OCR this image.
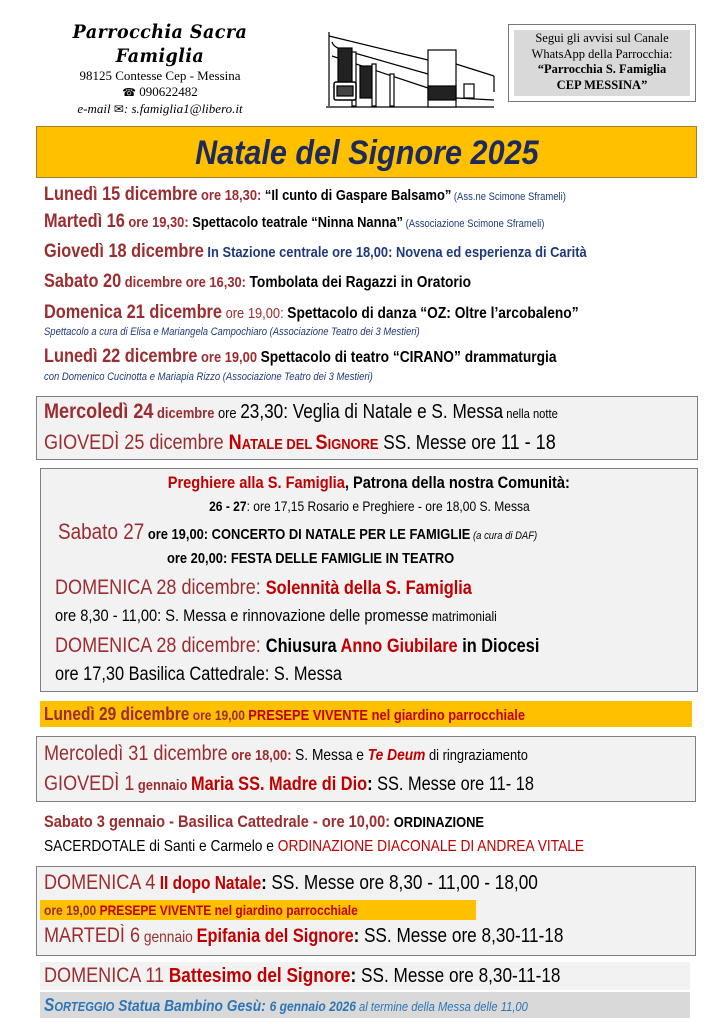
Parrocchia Sacra Famiglia
98125 Contesse Cep - Messina
☎ 090622482
e-mail ✉: s.famiglia1@libero.it
Segui gli avvisi sul Canale
WhatsApp della Parrocchia:
“Parrocchia S. Famiglia
CEP MESSINA”
Natale del Signore 2025
Lunedì 15 dicembre ore 18,30: “Il cunto di Gaspare Balsamo” (Ass.ne Scimone Sframeli)
Martedì 16 ore 19,30: Spettacolo teatrale “Ninna Nanna” (Associazione Scimone Sframeli)
Giovedì 18 dicembre In Stazione centrale ore 18,00: Novena ed esperienza di Carità
Sabato 20 dicembre ore 16,30: Tombolata dei Ragazzi in Oratorio
Domenica 21 dicembre ore 19,00: Spettacolo di danza “OZ: Oltre l’arcobaleno”
Spettacolo a cura di Elisa e Mariangela Campochiaro (Associazione Teatro dei 3 Mestieri)
Lunedì 22 dicembre ore 19,00 Spettacolo di teatro “CIRANO” drammaturgia
con Domenico Cucinotta e Mariapia Rizzo (Associazione Teatro dei 3 Mestieri)
Mercoledì 24 dicembre ore 23,30: Veglia di Natale e S. Messa nella notte
GIOVEDÌ 25 dicembre NATALE DEL SIGNORE SS. Messe ore 11 - 18
Preghiere alla S. Famiglia, Patrona della nostra Comunità:
26 - 27: ore 17,15 Rosario e Preghiere - ore 18,00 S. Messa
Sabato 27 ore 19,00: CONCERTO DI NATALE PER LE FAMIGLIE (a cura di DAF)
ore 20,00: FESTA DELLE FAMIGLIE IN TEATRO
DOMENICA 28 dicembre: Solennità della S. Famiglia
ore 8,30 - 11,00: S. Messa e rinnovazione delle promesse matrimoniali
DOMENICA 28 dicembre: Chiusura Anno Giubilare in Diocesi
ore 17,30 Basilica Cattedrale: S. Messa
Lunedì 29 dicembre ore 19,00 PRESEPE VIVENTE nel giardino parrocchiale
Mercoledì 31 dicembre ore 18,00: S. Messa e Te Deum di ringraziamento
GIOVEDÌ 1 gennaio Maria SS. Madre di Dio: SS. Messe ore 11- 18
Sabato 3 gennaio - Basilica Cattedrale - ore 10,00: ORDINAZIONE
SACERDOTALE di Santi e Carmelo e ORDINAZIONE DIACONALE DI ANDREA VITALE
DOMENICA 4 II dopo Natale: SS. Messe ore 8,30 - 11,00 - 18,00
ore 19,00 PRESEPE VIVENTE nel giardino parrocchiale
MARTEDÌ 6 gennaio Epifania del Signore: SS. Messe ore 8,30-11-18
DOMENICA 11 Battesimo del Signore: SS. Messe ore 8,30-11-18
SORTEGGIO Statua Bambino Gesù: 6 gennaio 2026 al termine della Messa delle 11,00
